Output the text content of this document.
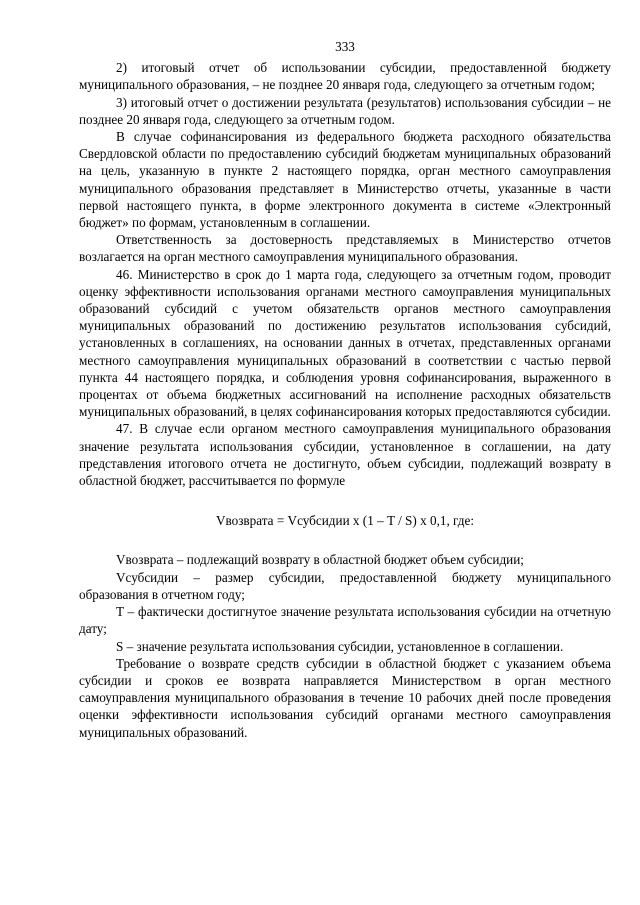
333

2) итоговый отчет об использовании субсидии, предоставленной бюджету муниципального образования, – не позднее 20 января года, следующего за отчетным годом;

3) итоговый отчет о достижении результата (результатов) использования субсидии – не позднее 20 января года, следующего за отчетным годом.

В случае софинансирования из федерального бюджета расходного обязательства Свердловской области по предоставлению субсидий бюджетам муниципальных образований на цель, указанную в пункте 2 настоящего порядка, орган местного самоуправления муниципального образования представляет в Министерство отчеты, указанные в части первой настоящего пункта, в форме электронного документа в системе «Электронный бюджет» по формам, установленным в соглашении.

Ответственность за достоверность представляемых в Министерство отчетов возлагается на орган местного самоуправления муниципального образования.

46. Министерство в срок до 1 марта года, следующего за отчетным годом, проводит оценку эффективности использования органами местного самоуправления муниципальных образований субсидий с учетом обязательств органов местного самоуправления муниципальных образований по достижению результатов использования субсидий, установленных в соглашениях, на основании данных в отчетах, представленных органами местного самоуправления муниципальных образований в соответствии с частью первой пункта 44 настоящего порядка, и соблюдения уровня софинансирования, выраженного в процентах от объема бюджетных ассигнований на исполнение расходных обязательств муниципальных образований, в целях софинансирования которых предоставляются субсидии.

47. В случае если органом местного самоуправления муниципального образования значение результата использования субсидии, установленное в соглашении, на дату представления итогового отчета не достигнуто, объем субсидии, подлежащий возврату в областной бюджет, рассчитывается по формуле

Vвозврата = Vсубсидии х (1 – T / S) х 0,1, где:

Vвозврата – подлежащий возврату в областной бюджет объем субсидии;

Vсубсидии – размер субсидии, предоставленной бюджету муниципального образования в отчетном году;

T – фактически достигнутое значение результата использования субсидии на отчетную дату;

S – значение результата использования субсидии, установленное в соглашении.

Требование о возврате средств субсидии в областной бюджет с указанием объема субсидии и сроков ее возврата направляется Министерством в орган местного самоуправления муниципального образования в течение 10 рабочих дней после проведения оценки эффективности использования субсидий органами местного самоуправления муниципальных образований.
